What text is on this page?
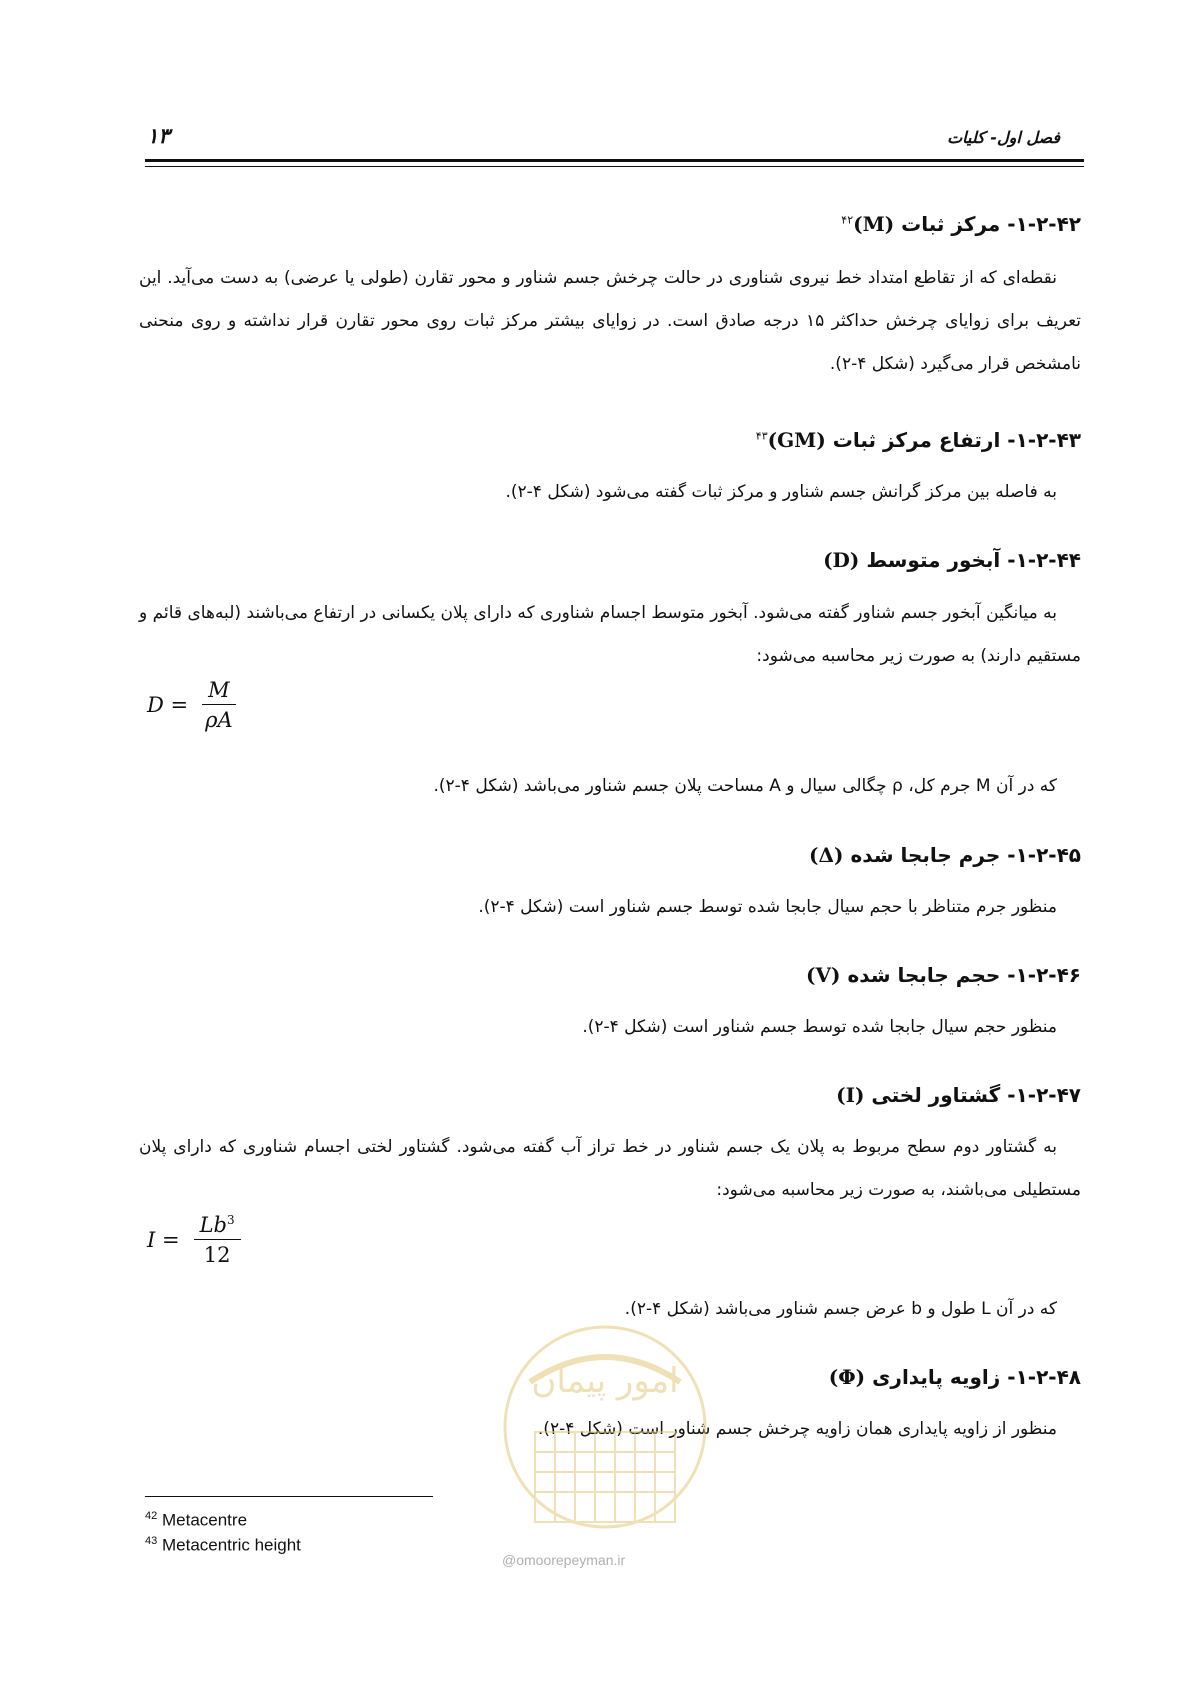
فصل اول- كليات
۱۳
۱-۲-۴۲- مركز ثبات $(M)^{۴۲}$
نقطه‌ای که از تقاطع امتداد خط نیروی شناوری در حالت چرخش جسم شناور و محور تقارن (طولی یا عرضی) به دست می‌آید. این تعریف برای زوایای چرخش حداکثر ۱۵ درجه صادق است. در زوایای بیشتر مرکز ثبات روی محور تقارن قرار نداشته و روی منحنی نامشخص قرار می‌گیرد (شکل ۴-۲).
۱-۲-۴۳- ارتفاع مركز ثبات (GM)$^{۴۳}$
به فاصله بین مرکز گرانش جسم شناور و مرکز ثبات گفته می‌شود (شکل ۴-۲).
۱-۲-۴۴- آبخور متوسط (D)
به میانگین آبخور جسم شناور گفته می‌شود. آبخور متوسط اجسام شناوری که دارای پلان یکسانی در ارتفاع می‌باشند (لبه‌های قائم و مستقیم دارند) به صورت زیر محاسبه می‌شود:
$D = \frac{M}{\rho A}$
که در آن M جرم کل، ρ چگالی سیال و A مساحت پلان جسم شناور می‌باشد (شکل ۴-۲).
۱-۲-۴۵- جرم جابجا شده (Δ)
منظور جرم متناظر با حجم سیال جابجا شده توسط جسم شناور است (شکل ۴-۲).
۱-۲-۴۶- حجم جابجا شده (V)
منظور حجم سیال جابجا شده توسط جسم شناور است (شکل ۴-۲).
۱-۲-۴۷- گشتاور لختی (I)
به گشتاور دوم سطح مربوط به پلان یک جسم شناور در خط تراز آب گفته می‌شود. گشتاور لختی اجسام شناوری که دارای پلان مستطیلی می‌باشند، به صورت زیر محاسبه می‌شود:
$I = \frac{Lb^3}{12}$
که در آن L طول و b عرض جسم شناور می‌باشد (شکل ۴-۲).
۱-۲-۴۸- زاويه پايداری (Φ)
منظور از زاویه پایداری همان زاویه چرخش جسم شناور است (شکل ۴-۲).
امور پیمان
@omoorepeyman.ir
$^{42}$ Metacentre
$^{43}$ Metacentric height
